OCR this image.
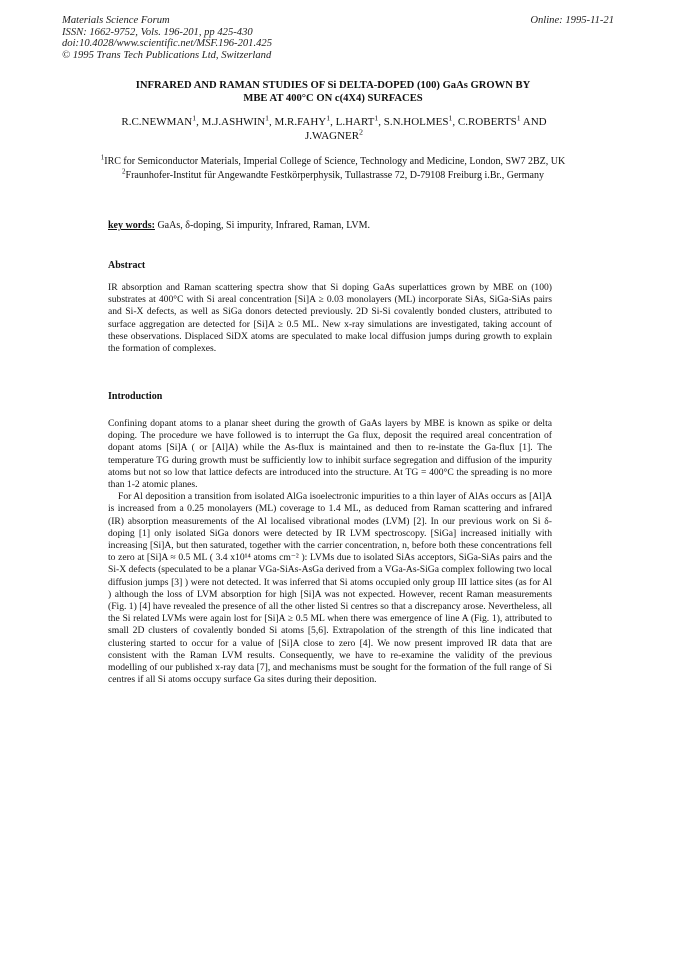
Materials Science Forum
ISSN: 1662-9752, Vols. 196-201, pp 425-430
doi:10.4028/www.scientific.net/MSF.196-201.425
© 1995 Trans Tech Publications Ltd, Switzerland
Online: 1995-11-21
INFRARED AND RAMAN STUDIES OF Si DELTA-DOPED (100) GaAs GROWN BY
MBE AT 400°C ON c(4X4) SURFACES
R.C.NEWMAN$^1$, M.J.ASHWIN$^1$, M.R.FAHY$^1$, L.HART$^1$, S.N.HOLMES$^1$, C.ROBERTS$^1$ AND
J.WAGNER$^2$

$^1$IRC for Semiconductor Materials, Imperial College of Science, Technology and Medicine, London, SW7 2BZ, UK

$^2$Fraunhofer-Institut für Angewandte Festkörperphysik, Tullastrasse 72, D-79108 Freiburg i.Br., Germany

key words: GaAs, δ-doping, Si impurity, Infrared, Raman, LVM.
Abstract

IR absorption and Raman scattering spectra show that Si doping GaAs superlattices grown by MBE on (100) substrates at 400°C with Si areal concentration [Si]A ≥ 0.03 monolayers (ML) incorporate SiAs, SiGa-SiAs pairs and Si-X defects, as well as SiGa donors detected previously. 2D Si-Si covalently bonded clusters, attributed to surface aggregation are detected for [Si]A ≥ 0.5 ML. New x-ray simulations are investigated, taking account of these observations. Displaced SiDX atoms are speculated to make local diffusion jumps during growth to explain the formation of complexes.

Introduction

Confining dopant atoms to a planar sheet during the growth of GaAs layers by MBE is known as spike or delta doping. The procedure we have followed is to interrupt the Ga flux, deposit the required areal concentration of dopant atoms [Si]A ( or [Al]A) while the As-flux is maintained and then to re-instate the Ga-flux [1]. The temperature TG during growth must be sufficiently low to inhibit surface segregation and diffusion of the impurity atoms but not so low that lattice defects are introduced into the structure. At TG = 400°C the spreading is no more than 1-2 atomic planes.

For Al deposition a transition from isolated AlGa isoelectronic impurities to a thin layer of AlAs occurs as [Al]A is increased from a 0.25 monolayers (ML) coverage to 1.4 ML, as deduced from Raman scattering and infrared (IR) absorption measurements of the Al localised vibrational modes (LVM) [2]. In our previous work on Si δ-doping [1] only isolated SiGa donors were detected by IR LVM spectroscopy. [SiGa] increased initially with increasing [Si]A, but then saturated, together with the carrier concentration, n, before both these concentrations fell to zero at [Si]A ≈ 0.5 ML ( 3.4 x10¹⁴ atoms cm⁻² ): LVMs due to isolated SiAs acceptors, SiGa-SiAs pairs and the Si-X defects (speculated to be a planar VGa-SiAs-AsGa derived from a VGa-As-SiGa complex following two local diffusion jumps [3] ) were not detected. It was inferred that Si atoms occupied only group III lattice sites (as for Al ) although the loss of LVM absorption for high [Si]A was not expected. However, recent Raman measurements (Fig. 1) [4] have revealed the presence of all the other listed Si centres so that a discrepancy arose. Nevertheless, all the Si related LVMs were again lost for [Si]A ≥ 0.5 ML when there was emergence of line A (Fig. 1), attributed to small 2D clusters of covalently bonded Si atoms [5,6]. Extrapolation of the strength of this line indicated that clustering started to occur for a value of [Si]A close to zero [4]. We now present improved IR data that are consistent with the Raman LVM results. Consequently, we have to re-examine the validity of the previous modelling of our published x-ray data [7], and mechanisms must be sought for the formation of the full range of Si centres if all Si atoms occupy surface Ga sites during their deposition.
